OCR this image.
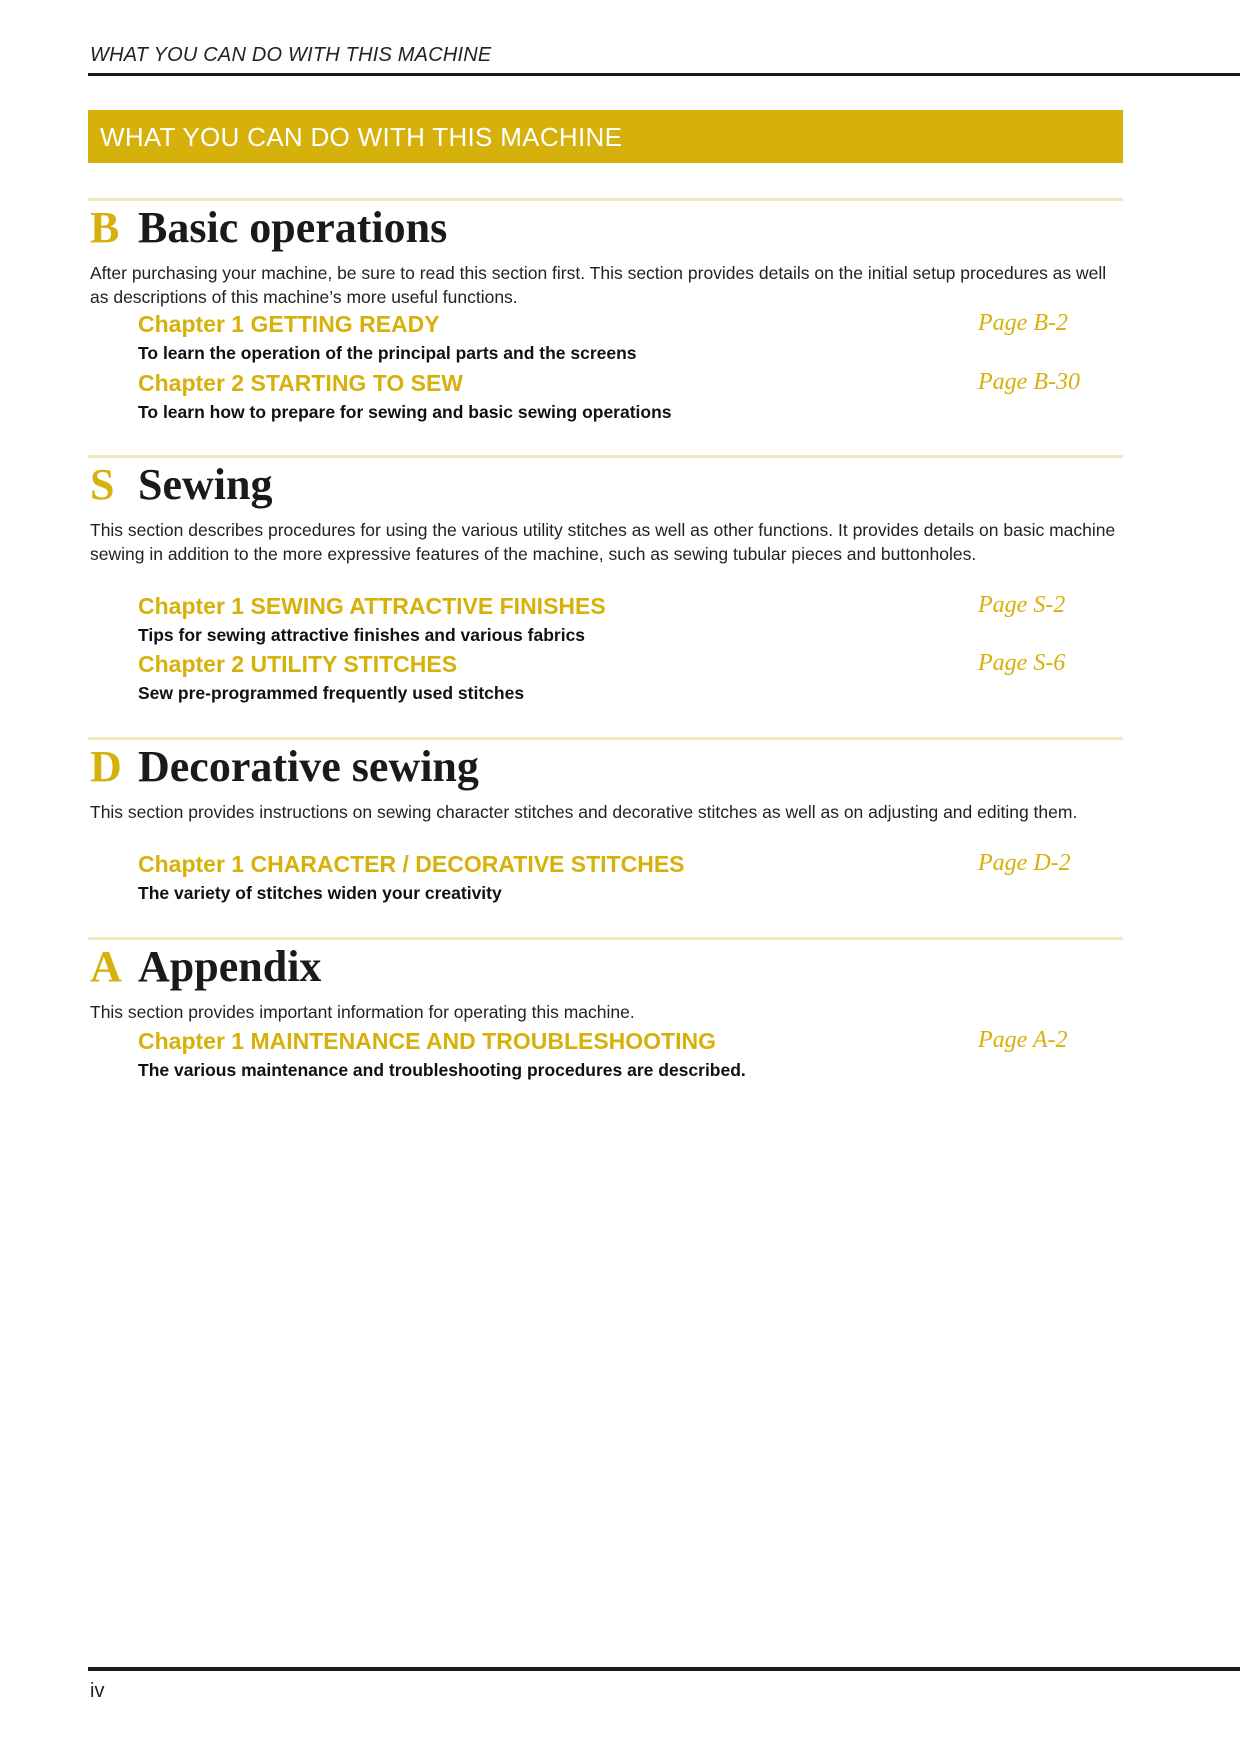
WHAT YOU CAN DO WITH THIS MACHINE
WHAT YOU CAN DO WITH THIS MACHINE
B Basic operations
After purchasing your machine, be sure to read this section first. This section provides details on the initial setup procedures as well as descriptions of this machine’s more useful functions.
Chapter 1 GETTING READY	Page B-2
To learn the operation of the principal parts and the screens
Chapter 2 STARTING TO SEW	Page B-30
To learn how to prepare for sewing and basic sewing operations
S Sewing
This section describes procedures for using the various utility stitches as well as other functions. It provides details on basic machine sewing in addition to the more expressive features of the machine, such as sewing tubular pieces and buttonholes.
Chapter 1 SEWING ATTRACTIVE FINISHES	Page S-2
Tips for sewing attractive finishes and various fabrics
Chapter 2 UTILITY STITCHES	Page S-6
Sew pre-programmed frequently used stitches
D Decorative sewing
This section provides instructions on sewing character stitches and decorative stitches as well as on adjusting and editing them.
Chapter 1 CHARACTER / DECORATIVE STITCHES	Page D-2
The variety of stitches widen your creativity
A Appendix
This section provides important information for operating this machine.
Chapter 1 MAINTENANCE AND TROUBLESHOOTING	Page A-2
The various maintenance and troubleshooting procedures are described.
iv
